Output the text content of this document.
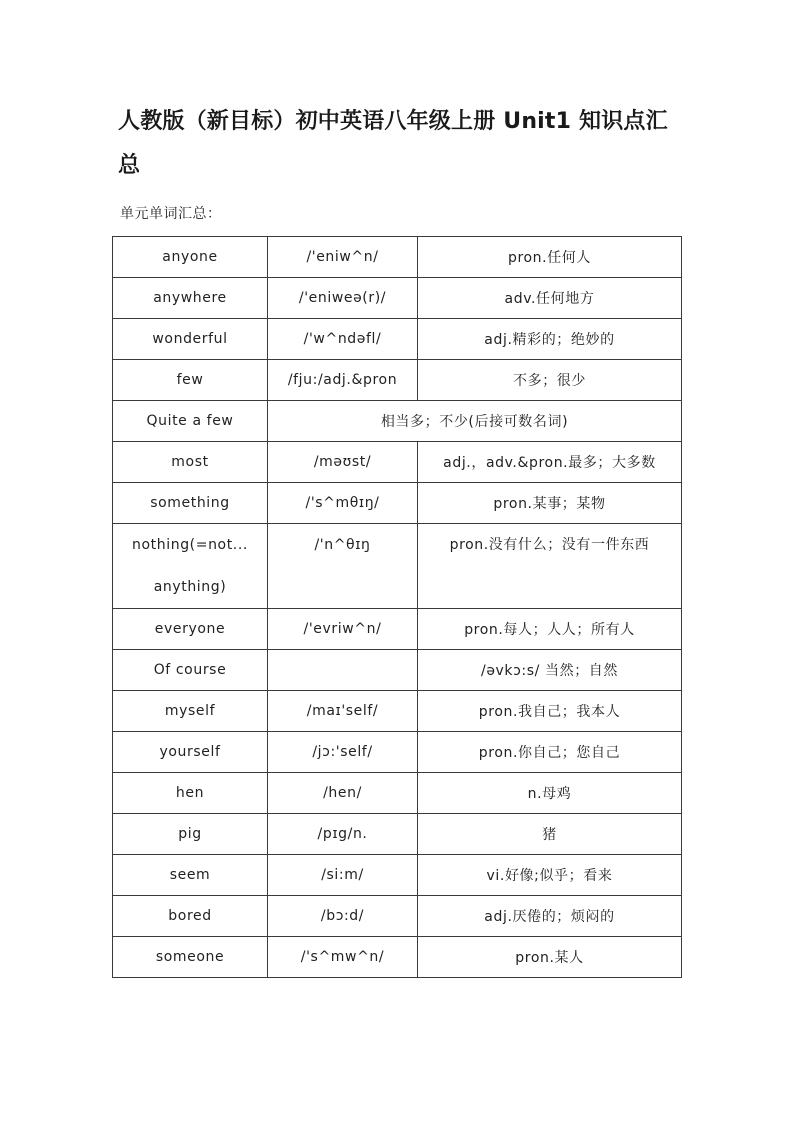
人教版（新目标）初中英语八年级上册 Unit1 知识点汇总
单元单词汇总：
anyone	/'eniw^n/	pron.任何人
anywhere	/'eniweə(r)/	adv.任何地方
wonderful	/'w^ndəfl/	adj.精彩的；绝妙的
few	/fju:/adj.&pron	不多；很少
Quite a few	相当多；不少(后接可数名词)	
most	/məʊst/	adj.，adv.&pron.最多；大多数
something	/'s^mθɪŋ/	pron.某事；某物

nothing(=not...
anything)	/'n^θɪŋ	pron.没有什么；没有一件东西
everyone	/'evriw^n/	pron.每人；人人；所有人
Of course		/əvkɔ:s/ 当然；自然
myself	/maɪ'self/	pron.我自己；我本人
yourself	/jɔ:'self/	pron.你自己；您自己
hen	/hen/	n.母鸡
pig	/pɪg/n.	猪
seem	/si:m/	vi.好像;似乎；看来
bored	/bɔ:d/	adj.厌倦的；烦闷的
someone	/'s^mw^n/	pron.某人
